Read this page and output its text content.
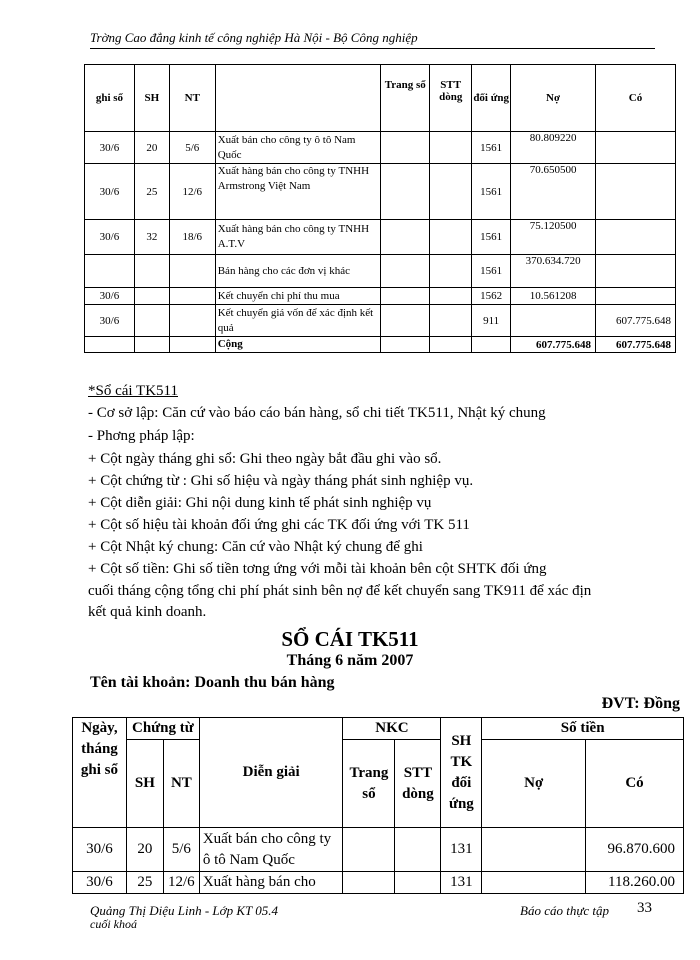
Trờng Cao đẳng kinh tế công nghiệp Hà Nội - Bộ Công nghiệp
ghi sổ	SH	NT		Trang sổ	STT dòng	đối ứng	Nợ	Có
30/6	20	5/6	Xuất bán cho công ty ô tô Nam Quốc			1561	80.809220	
30/6	25	12/6	Xuất hàng bán cho công ty TNHH Armstrong Việt Nam			1561	70.650500	
30/6	32	18/6	Xuất hàng bán cho công ty TNHH A.T.V			1561	75.120500	
			Bán hàng cho các đơn vị khác			1561	370.634.720	
30/6			Kết chuyển chi phí thu mua			1562	10.561208	
30/6			Kết chuyển giá vốn để xác định kết quả			911		607.775.648
			Cộng				607.775.648	607.775.648
*Sổ cái TK511
- Cơ sở lập: Căn cứ vào báo cáo bán hàng, sổ chi tiết TK511, Nhật ký chung
- Phơng pháp lập:
+ Cột ngày tháng ghi sổ: Ghi theo ngày bắt đầu ghi vào sổ.
+ Cột chứng từ : Ghi số hiệu và ngày tháng phát sinh nghiệp vụ.
+ Cột diễn giải: Ghi nội dung kinh tế phát sinh nghiệp vụ
+ Cột số hiệu tài khoản đối ứng ghi các TK đối ứng với TK 511
+ Cột Nhật ký chung: Căn cứ vào Nhật ký chung để ghi
+ Cột số tiền: Ghi số tiền tơng ứng với mỗi tài khoản bên cột SHTK đối ứng
cuối tháng cộng tổng chi phí phát sinh bên nợ để kết chuyển sang TK911 để xác địn
kết quả kinh doanh.
SỔ CÁI TK511
Tháng 6 năm 2007
Tên tài khoản: Doanh thu bán hàng
ĐVT: Đồng
Ngày, tháng ghi sổ	Chứng từ		Diễn giải	NKC		SH TK đối ứng	Số tiền	
	SH	NT		Trang sổ	STT dòng		Nợ	Có
30/6	20	5/6	Xuất bán cho công ty ô tô Nam Quốc			131		96.870.600
30/6	25	12/6	Xuất hàng bán cho			131		118.260.00
Quảng Thị Diệu Linh - Lớp KT 05.4
cuối khoá
Báo cáo thực tập 33
